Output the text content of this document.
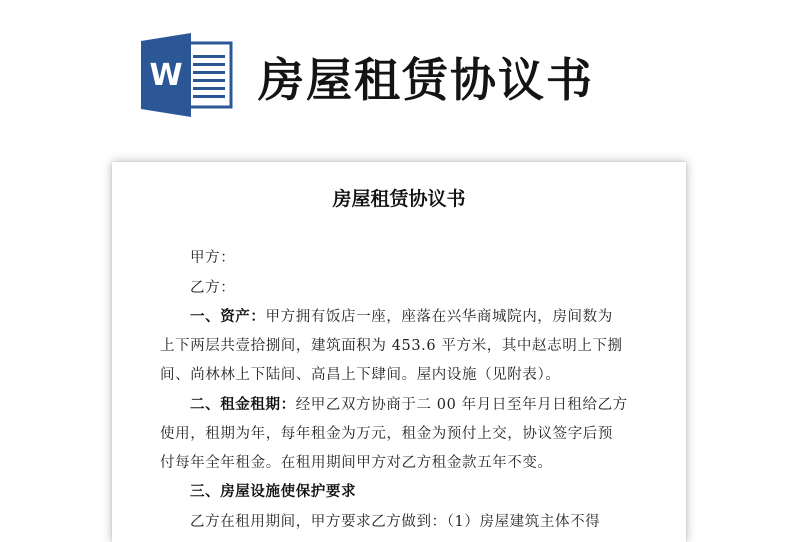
W 房屋租赁协议书
房屋租赁协议书
甲方：
乙方：
一、资产：甲方拥有饭店一座，座落在兴华商城院内，房间数为
上下两层共壹拾捌间，建筑面积为 453.6 平方米，其中赵志明上下捌
间、尚林林上下陆间、高昌上下肆间。屋内设施（见附表）。
二、租金租期：经甲乙双方协商于二 00 年月日至年月日租给乙方
使用，租期为年，每年租金为万元，租金为预付上交，协议签字后预
付每年全年租金。在租用期间甲方对乙方租金款五年不变。
三、房屋设施使保护要求
乙方在租用期间，甲方要求乙方做到：（1）房屋建筑主体不得
